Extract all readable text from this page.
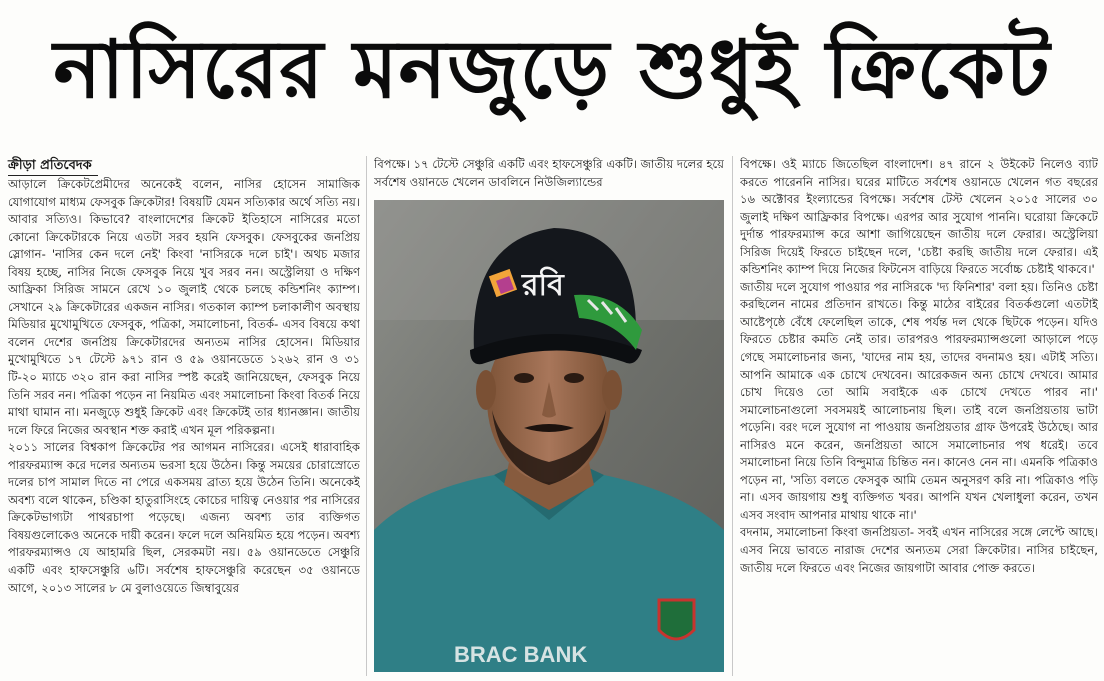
নাসিরের মনজুড়ে শুধুই ক্রিকেট
ক্রীড়া প্রতিবেদক

আড়ালে ক্রিকেটপ্রেমীদের অনেকেই বলেন, নাসির হোসেন সামাজিক যোগাযোগ মাধ্যম ফেসবুক ক্রিকেটার! বিষয়টি যেমন সত্যিকার অর্থে সত্যি নয়। আবার সত্যিও। কিভাবে? বাংলাদেশের ক্রিকেট ইতিহাসে নাসিরের মতো কোনো ক্রিকেটারকে নিয়ে এতটা সরব হয়নি ফেসবুক। ফেসবুকের জনপ্রিয় স্লোগান- 'নাসির কেন দলে নেই' কিংবা 'নাসিরকে দলে চাই'। অথচ মজার বিষয় হচ্ছে, নাসির নিজে ফেসবুক নিয়ে খুব সরব নন। অস্ট্রেলিয়া ও দক্ষিণ আফ্রিকা সিরিজ সামনে রেখে ১০ জুলাই থেকে চলছে কন্ডিশনিং ক্যাম্প। সেখানে ২৯ ক্রিকেটারের একজন নাসির। গতকাল ক্যাম্প চলাকালীণ অবস্থায় মিডিয়ার মুখোমুখিতে ফেসবুক, পত্রিকা, সমালোচনা, বিতর্ক- এসব বিষয়ে কথা বলেন দেশের জনপ্রিয় ক্রিকেটারদের অন্যতম নাসির হোসেন। মিডিয়ার মুখোমুখিতে ১৭ টেস্টে ৯৭১ রান ও ৫৯ ওয়ানডেতে ১২৬২ রান ও ৩১ টি-২০ ম্যাচে ৩২০ রান করা নাসির স্পষ্ট করেই জানিয়েছেন, ফেসবুক নিয়ে তিনি সরব নন। পত্রিকা পড়েন না নিয়মিত এবং সমালোচনা কিংবা বিতর্ক নিয়ে মাথা ঘামান না। মনজুড়ে শুধুই ক্রিকেট এবং ক্রিকেটই তার ধ্যানজ্ঞান। জাতীয় দলে ফিরে নিজের অবস্থান শক্ত করাই এখন মূল পরিকল্পনা।

২০১১ সালের বিশ্বকাপ ক্রিকেটের পর আগমন নাসিরের। এসেই ধারাবাহিক পারফরম্যান্স করে দলের অন্যতম ভরসা হয়ে উঠেন। কিন্তু সময়ের চোরাস্রোতে দলের চাপ সামাল দিতে না পেরে একসময় ব্রাত্য হয়ে উঠেন তিনি। অনেকেই অবশ্য বলে থাকেন, চণ্ডিকা হাতুরাসিংহে কোচের দায়িত্ব নেওয়ার পর নাসিরের ক্রিকেটভাগ্যটা পাথরচাপা পড়েছে। এজন্য অবশ্য তার ব্যক্তিগত বিষয়গুলোকেও অনেকে দায়ী করেন। ফলে দলে অনিয়মিত হয়ে পড়েন। অবশ্য পারফরম্যান্সও যে আহামরি ছিল, সেরকমটা নয়। ৫৯ ওয়ানডেতে সেঞ্চুরি একটি এবং হাফসেঞ্চুরি ৬টি। সর্বশেষ হাফসেঞ্চুরি করেছেন ৩৫ ওয়ানডে আগে, ২০১৩ সালের ৮ মে বুলাওয়েতে জিম্বাবুয়ের

বিপক্ষে। ১৭ টেস্টে সেঞ্চুরি একটি এবং হাফসেঞ্চুরি একটি। জাতীয় দলের হয়ে সর্বশেষ ওয়ানডে খেলেন ডাবলিনে নিউজিল্যান্ডের

রবি
BRAC BANK

বিপক্ষে। ওই ম্যাচে জিতেছিল বাংলাদেশ। ৪৭ রানে ২ উইকেট নিলেও ব্যাট করতে পারেননি নাসির। ঘরের মাটিতে সর্বশেষ ওয়ানডে খেলেন গত বছরের ১৬ অক্টোবর ইংল্যান্ডের বিপক্ষে। সর্বশেষ টেস্ট খেলেন ২০১৫ সালের ৩০ জুলাই দক্ষিণ আফ্রিকার বিপক্ষে। এরপর আর সুযোগ পাননি। ঘরোয়া ক্রিকেটে দুর্দান্ত পারফরম্যান্স করে আশা জাগিয়েছেন জাতীয় দলে ফেরার। অস্ট্রেলিয়া সিরিজ দিয়েই ফিরতে চাইছেন দলে, 'চেষ্টা করছি জাতীয় দলে ফেরার। এই কন্ডিশনিং ক্যাম্প দিয়ে নিজের ফিটনেস বাড়িয়ে ফিরতে সর্বোচ্চ চেষ্টাই থাকবে।'

জাতীয় দলে সুযোগ পাওয়ার পর নাসিরকে 'দ্য ফিনিশার' বলা হয়। তিনিও চেষ্টা করছিলেন নামের প্রতিদান রাখতে। কিন্তু মাঠের বাইরের বিতর্কগুলো এতটাই আষ্টেপৃষ্ঠে বেঁধে ফেলেছিল তাকে, শেষ পর্যন্ত দল থেকে ছিটকে পড়েন। যদিও ফিরতে চেষ্টার কমতি নেই তার। তারপরও পারফরম্যান্সগুলো আড়ালে পড়ে গেছে সমালোচনার জন্য, 'যাদের নাম হয়, তাদের বদনামও হয়। এটাই সত্যি। আপনি আমাকে এক চোখে দেখবেন। আরেকজন অন্য চোখে দেখবে। আমার চোখ দিয়েও তো আমি সবাইকে এক চোখে দেখতে পারব না।' সমালোচনাগুলো সবসময়ই আলোচনায় ছিল। তাই বলে জনপ্রিয়তায় ভাটা পড়েনি। বরং দলে সুযোগ না পাওয়ায় জনপ্রিয়তার গ্রাফ উপরেই উঠেছে। আর নাসিরও মনে করেন, জনপ্রিয়তা আসে সমালোচনার পথ ধরেই। তবে সমালোচনা নিয়ে তিনি বিন্দুমাত্র চিন্তিত নন। কানেও নেন না। এমনকি পত্রিকাও পড়েন না, 'সত্যি বলতে ফেসবুক আমি তেমন অনুসরণ করি না। পত্রিকাও পড়ি না। এসব জায়গায় শুধু ব্যক্তিগত খবর। আপনি যখন খেলাধুলা করেন, তখন এসব সংবাদ আপনার মাথায় থাকে না।'

বদনাম, সমালোচনা কিংবা জনপ্রিয়তা- সবই এখন নাসিরের সঙ্গে লেপ্টে আছে। এসব নিয়ে ভাবতে নারাজ দেশের অন্যতম সেরা ক্রিকেটার। নাসির চাইছেন, জাতীয় দলে ফিরতে এবং নিজের জায়গাটা আবার পোক্ত করতে।
